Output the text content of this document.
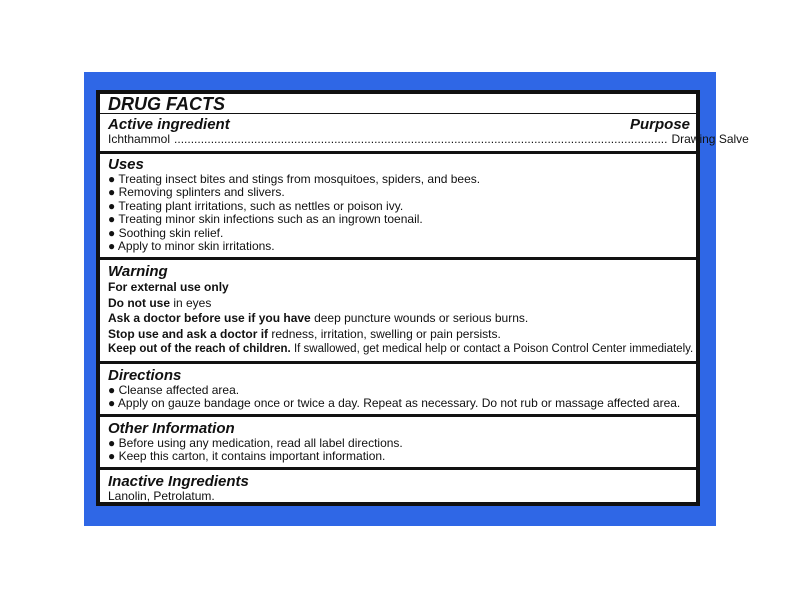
DRUG FACTS
Active ingredient	Purpose
Ichthammol .................................................................................................................................................... Drawing Salve
Uses
● Treating insect bites and stings from mosquitoes, spiders, and bees.
● Removing splinters and slivers.
● Treating plant irritations, such as nettles or poison ivy.
● Treating minor skin infections such as an ingrown toenail.
● Soothing skin relief.
● Apply to minor skin irritations.
Warning
For external use only
Do not use in eyes
Ask a doctor before use if you have deep puncture wounds or serious burns.
Stop use and ask a doctor if redness, irritation, swelling or pain persists.
Keep out of the reach of children. If swallowed, get medical help or contact a Poison Control Center immediately.
Directions
● Cleanse affected area.
● Apply on gauze bandage once or twice a day. Repeat as necessary. Do not rub or massage affected area.
Other Information
● Before using any medication, read all label directions.
● Keep this carton, it contains important information.
Inactive Ingredients
Lanolin, Petrolatum.
